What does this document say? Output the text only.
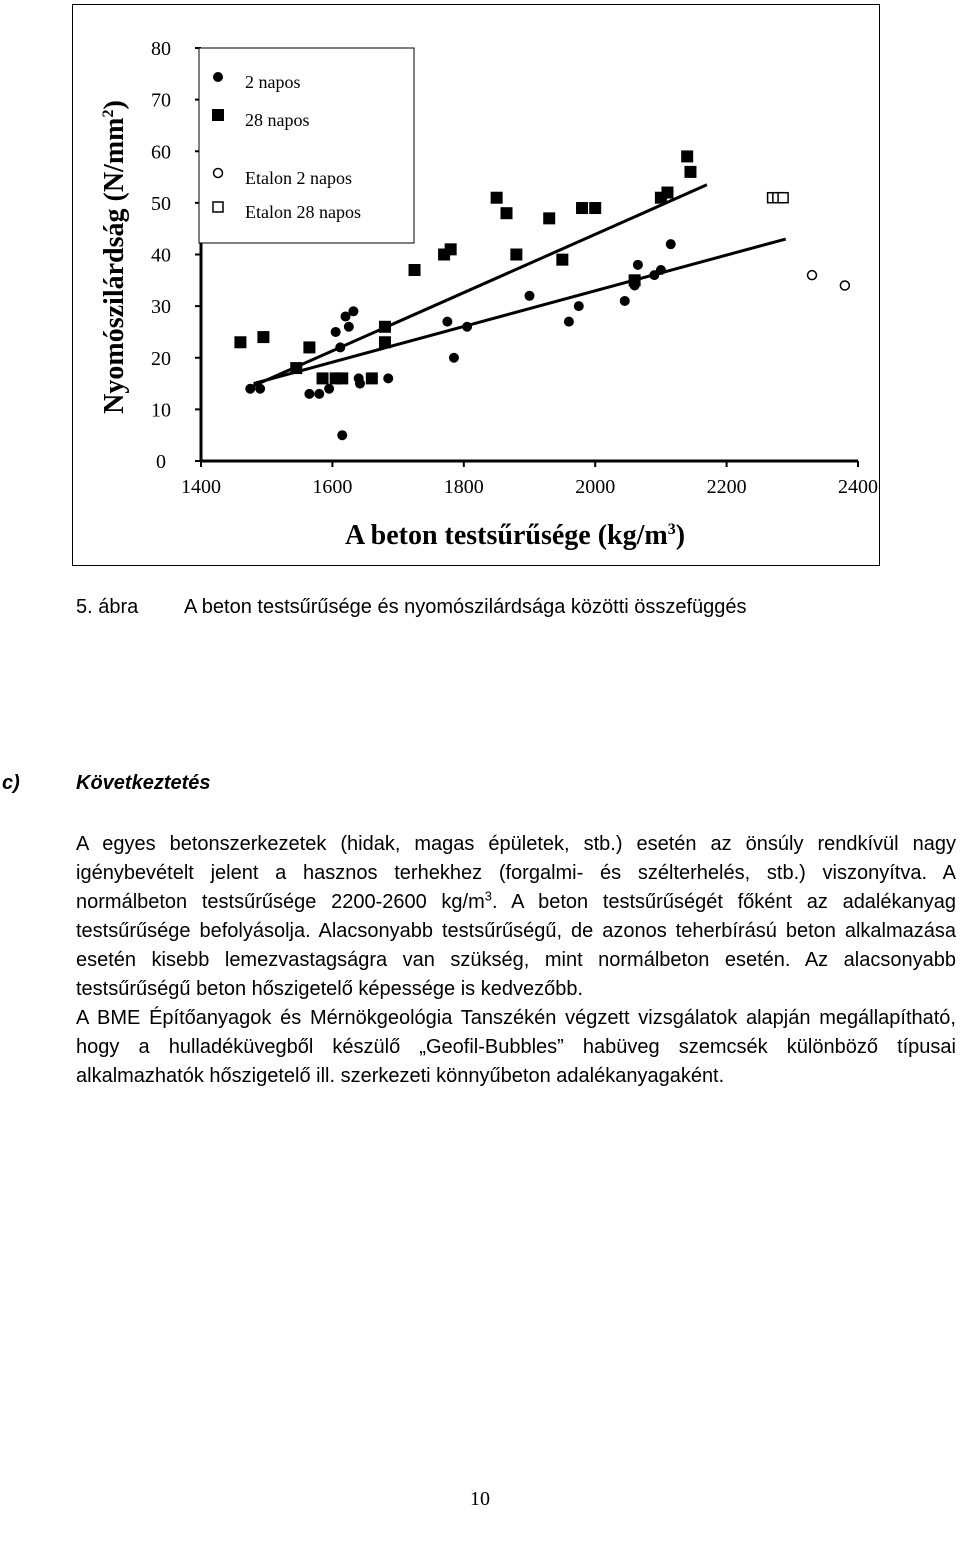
1400	1600	1800	2000	2200	2400
80
70
60
50
40
30
20
10
0
2 napos
28 napos
Etalon 2 napos
Etalon 28 napos
Nyomószilárdság $(N/mm^2)$
A beton testsűrűsége $(kg/m^3)$
5. ábra A beton testsűrűsége és nyomószilárdsága közötti összefüggés
c)	Következtetés
A egyes betonszerkezetek (hidak, magas épületek, stb.) esetén az önsúly rendkívül nagy igénybevételt jelent a hasznos terhekhez (forgalmi- és szélterhelés, stb.) viszonyítva. A normálbeton testsűrűsége 2200-2600 $kg/m^3$. A beton testsűrűségét főként az adalékanyag testsűrűsége befolyásolja. Alacsonyabb testsűrűségű, de azonos teherbírású beton alkalmazása esetén kisebb lemezvastagságra van szükség, mint normálbeton esetén. Az alacsonyabb testsűrűségű beton hőszigetelő képessége is kedvezőbb.
A BME Építőanyagok és Mérnökgeológia Tanszékén végzett vizsgálatok alapján megállapítható, hogy a hulladéküvegből készülő „Geofil-Bubbles” habüveg szemcsék különböző típusai alkalmazhatók hőszigetelő ill. szerkezeti könnyűbeton adalékanyagaként.
10
